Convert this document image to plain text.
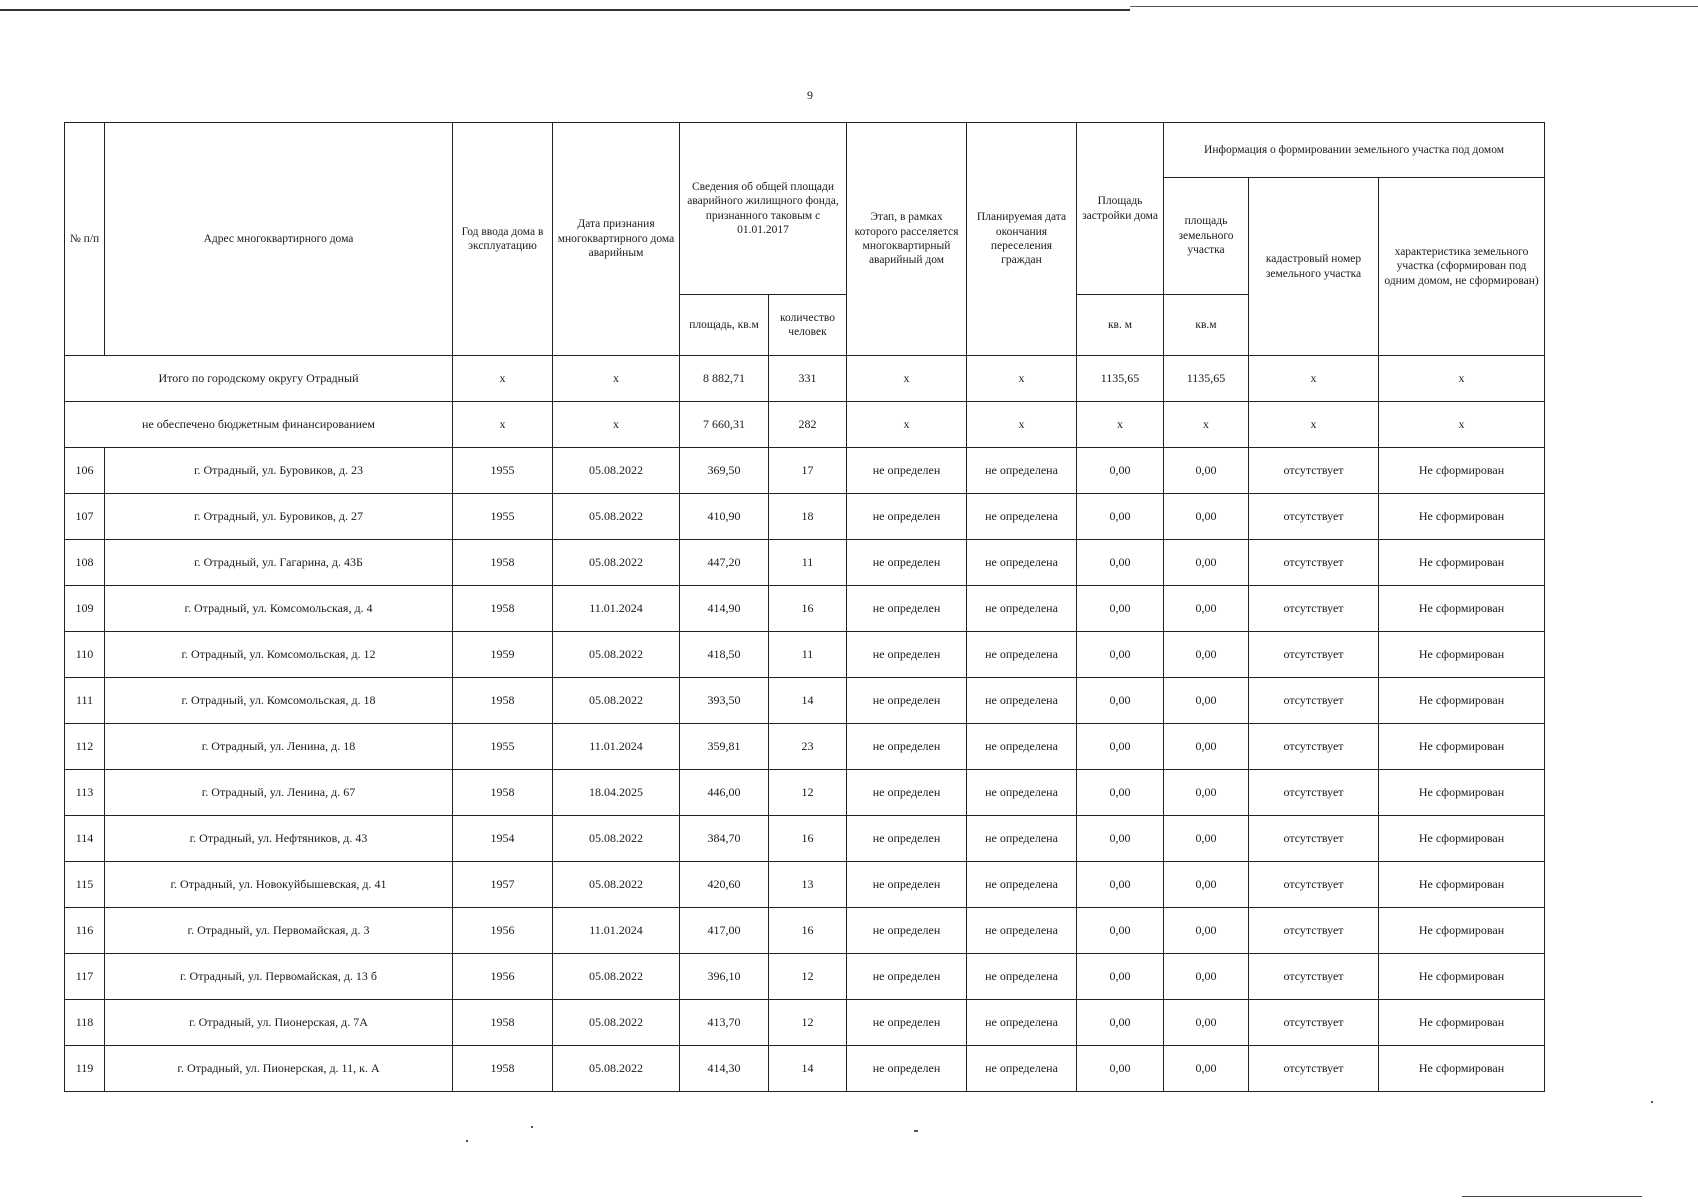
9
№ п/п	Адрес многоквартирного дома	Год ввода дома в эксплуатацию	Дата признания многоквартирного дома аварийным	Сведения об общей площади аварийного жилищного фонда, признанного таковым с 01.01.2017		Этап, в рамках которого расселяется многоквартирный аварийный дом	Планируемая дата окончания переселения граждан	Площадь застройки дома	Информация о формировании земельного участка под домом		
									площадь земельного участка	кадастровый номер земельного участка	характеристика земельного участка (сформирован под одним домом, не сформирован)
				площадь, кв.м	количество человек			кв. м	кв.м		
Итого по городскому округу Отрадный		x	x	8 882,71	331	x	x	1135,65	1135,65	x	x
не обеспечено бюджетным финансированием		x	x	7 660,31	282	x	x	x	x	x	x
106	г. Отрадный, ул. Буровиков, д. 23	1955	05.08.2022	369,50	17	не определен	не определена	0,00	0,00	отсутствует	Не сформирован
107	г. Отрадный, ул. Буровиков, д. 27	1955	05.08.2022	410,90	18	не определен	не определена	0,00	0,00	отсутствует	Не сформирован
108	г. Отрадный, ул. Гагарина, д. 43Б	1958	05.08.2022	447,20	11	не определен	не определена	0,00	0,00	отсутствует	Не сформирован
109	г. Отрадный, ул. Комсомольская, д. 4	1958	11.01.2024	414,90	16	не определен	не определена	0,00	0,00	отсутствует	Не сформирован
110	г. Отрадный, ул. Комсомольская, д. 12	1959	05.08.2022	418,50	11	не определен	не определена	0,00	0,00	отсутствует	Не сформирован
111	г. Отрадный, ул. Комсомольская, д. 18	1958	05.08.2022	393,50	14	не определен	не определена	0,00	0,00	отсутствует	Не сформирован
112	г. Отрадный, ул. Ленина, д. 18	1955	11.01.2024	359,81	23	не определен	не определена	0,00	0,00	отсутствует	Не сформирован
113	г. Отрадный, ул. Ленина, д. 67	1958	18.04.2025	446,00	12	не определен	не определена	0,00	0,00	отсутствует	Не сформирован
114	г. Отрадный, ул. Нефтяников, д. 43	1954	05.08.2022	384,70	16	не определен	не определена	0,00	0,00	отсутствует	Не сформирован
115	г. Отрадный, ул. Новокуйбышевская, д. 41	1957	05.08.2022	420,60	13	не определен	не определена	0,00	0,00	отсутствует	Не сформирован
116	г. Отрадный, ул. Первомайская, д. 3	1956	11.01.2024	417,00	16	не определен	не определена	0,00	0,00	отсутствует	Не сформирован
117	г. Отрадный, ул. Первомайская, д. 13 б	1956	05.08.2022	396,10	12	не определен	не определена	0,00	0,00	отсутствует	Не сформирован
118	г. Отрадный, ул. Пионерская, д. 7А	1958	05.08.2022	413,70	12	не определен	не определена	0,00	0,00	отсутствует	Не сформирован
119	г. Отрадный, ул. Пионерская, д. 11, к. А	1958	05.08.2022	414,30	14	не определен	не определена	0,00	0,00	отсутствует	Не сформирован
